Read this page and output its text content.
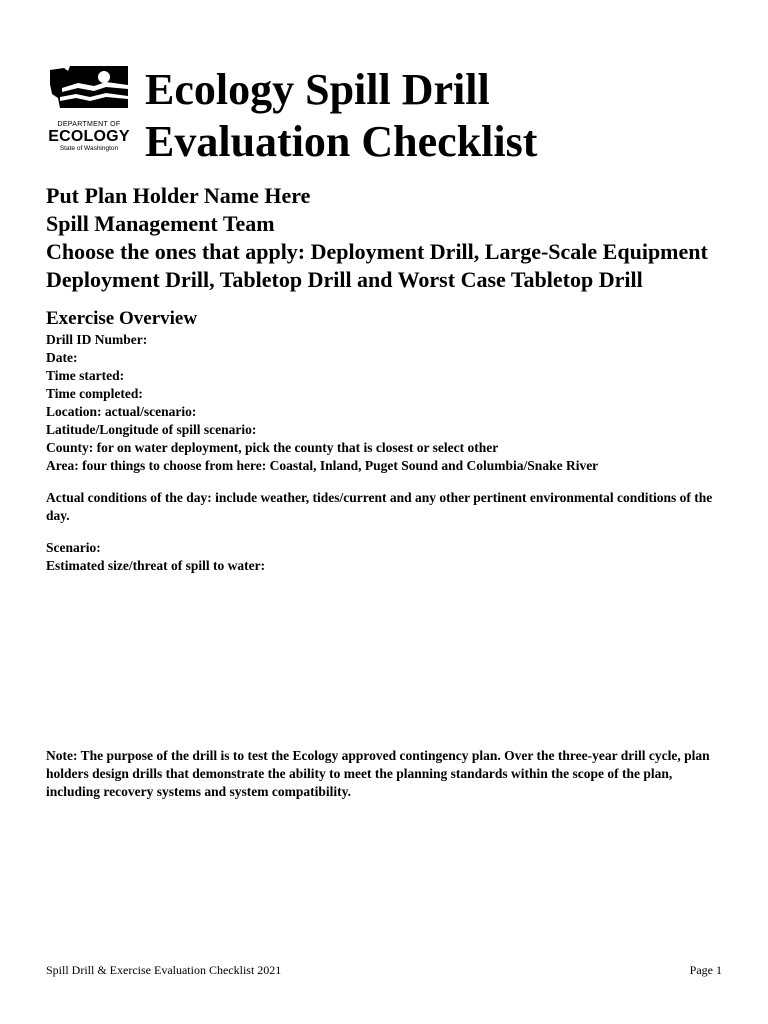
DEPARTMENT OF
ECOLOGY
State of Washington
Ecology Spill Drill
Evaluation Checklist
Put Plan Holder Name Here
Spill Management Team
Choose the ones that apply: Deployment Drill, Large-Scale Equipment Deployment Drill, Tabletop Drill and Worst Case Tabletop Drill
Exercise Overview
Drill ID Number:
Date:
Time started:
Time completed:
Location: actual/scenario:
Latitude/Longitude of spill scenario:
County: for on water deployment, pick the county that is closest or select other
Area: four things to choose from here: Coastal, Inland, Puget Sound and Columbia/Snake River
Actual conditions of the day: include weather, tides/current and any other pertinent environmental conditions of the day.
Scenario:
Estimated size/threat of spill to water:
Note: The purpose of the drill is to test the Ecology approved contingency plan. Over the three-year drill cycle, plan holders design drills that demonstrate the ability to meet the planning standards within the scope of the plan, including recovery systems and system compatibility.
Spill Drill & Exercise Evaluation Checklist 2021	Page 1
